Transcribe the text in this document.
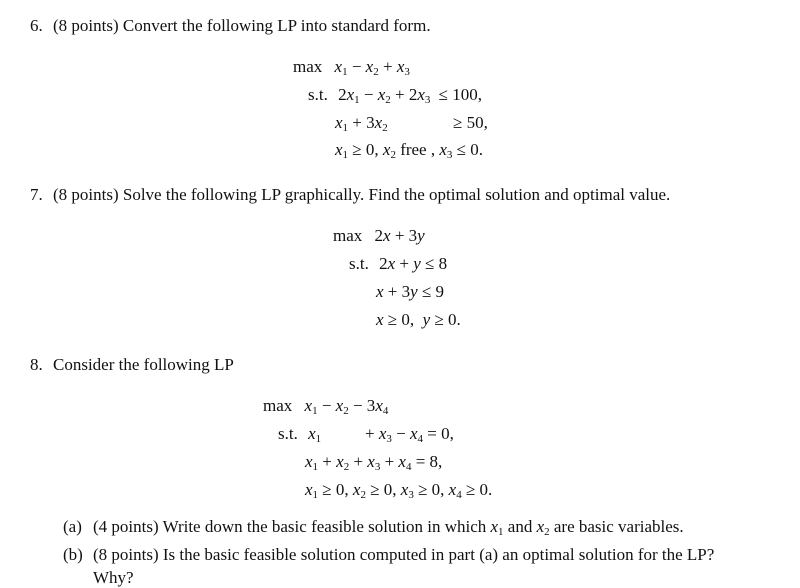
6. (8 points) Convert the following LP into standard form.
$\max x_1 - x_2 + x_3$
s.t. $2x_1 - x_2 + 2x_3 \le 100$,
$x_1 + 3x_2$	≥ 50,
$x_1 \ge 0$, $x_2$ free , $x_3 \le 0$.
7. (8 points) Solve the following LP graphically. Find the optimal solution and optimal value.
max 2x + 3y
s.t. 2x + y ≤ 8
x + 3y ≤ 9
x ≥ 0,  y ≥ 0.
8. Consider the following LP
$\max x_1 - x_2 - 3x_4$
s.t. $x_1$	+ $x_3 - x_4 = 0$,
$x_1 + x_2 + x_3 + x_4 = 8$,
$x_1 \ge 0$, $x_2 \ge 0$, $x_3 \ge 0$, $x_4 \ge 0$.
(a) (4 points) Write down the basic feasible solution in which $x_1$ and $x_2$ are basic variables.
(b) (8 points) Is the basic feasible solution computed in part (a) an optimal solution for the LP?
Why?
